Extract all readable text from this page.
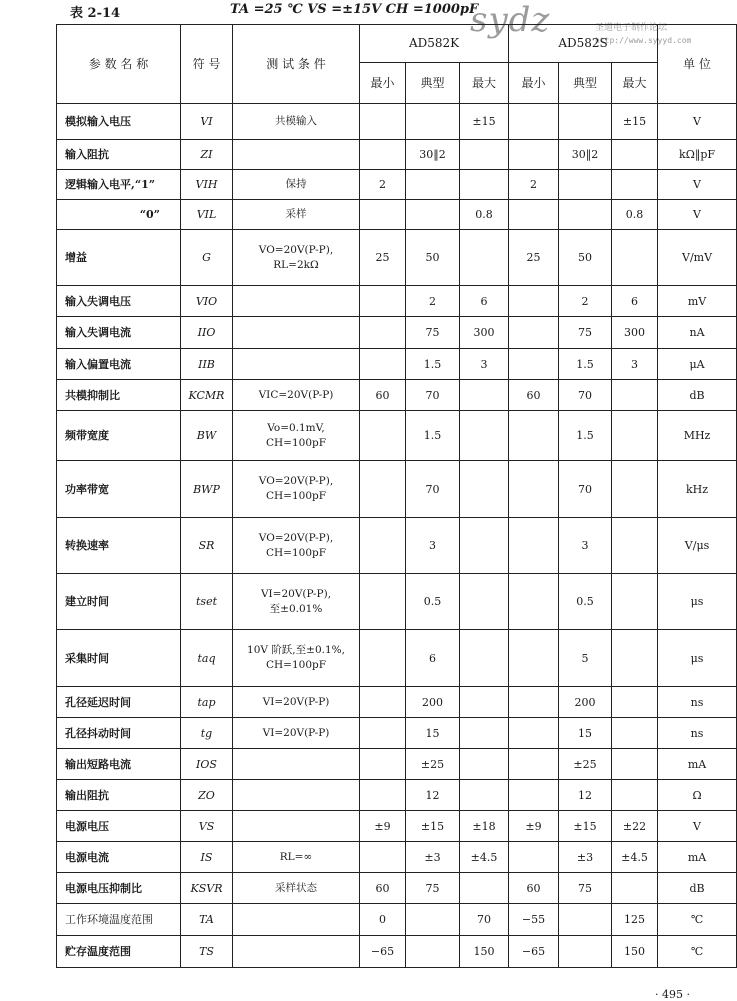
表 2-14	TA =25 ℃ VS =±15V CH =1000pF
sydz	圣道电子制作论坛
http://www.syyyd.com
参 数 名 称	符 号	测 试 条 件	AD582K			AD582S			单 位
			最小	典型	最大	最小	典型	最大	
模拟输入电压	VI	共模输入			±15			±15	V
输入阻抗	ZI			30‖2			30‖2		kΩ‖pF
逻辑输入电平,“1”	VIH	保持	2			2			V
“0”	VIL	采样			0.8			0.8	V
增益	G	VO=20V(P-P),
RL=2kΩ	25	50		25	50		V/mV
输入失调电压	VIO			2	6		2	6	mV
输入失调电流	IIO			75	300		75	300	nA
输入偏置电流	IIB			1.5	3		1.5	3	μA
共模抑制比	KCMR	VIC=20V(P-P)	60	70		60	70		dB
频带宽度	BW	Vo=0.1mV,
CH=100pF		1.5			1.5		MHz
功率带宽	BWP	VO=20V(P-P),
CH=100pF		70			70		kHz
转换速率	SR	VO=20V(P-P),
CH=100pF		3			3		V/μs
建立时间	tset	VI=20V(P-P),
至±0.01%		0.5			0.5		μs
采集时间	taq	10V 阶跃,至±0.1%,
CH=100pF		6			5		μs
孔径延迟时间	tap	VI=20V(P-P)		200			200		ns
孔径抖动时间	tg	VI=20V(P-P)		15			15		ns
输出短路电流	IOS			±25			±25		mA
输出阻抗	ZO			12			12		Ω
电源电压	VS		±9	±15	±18	±9	±15	±22	V
电源电流	IS	RL=∞		±3	±4.5		±3	±4.5	mA
电源电压抑制比	KSVR	采样状态	60	75		60	75		dB
工作环境温度范围	TA		0		70	−55		125	℃
贮存温度范围	TS		−65		150	−65		150	℃
· 495 ·
